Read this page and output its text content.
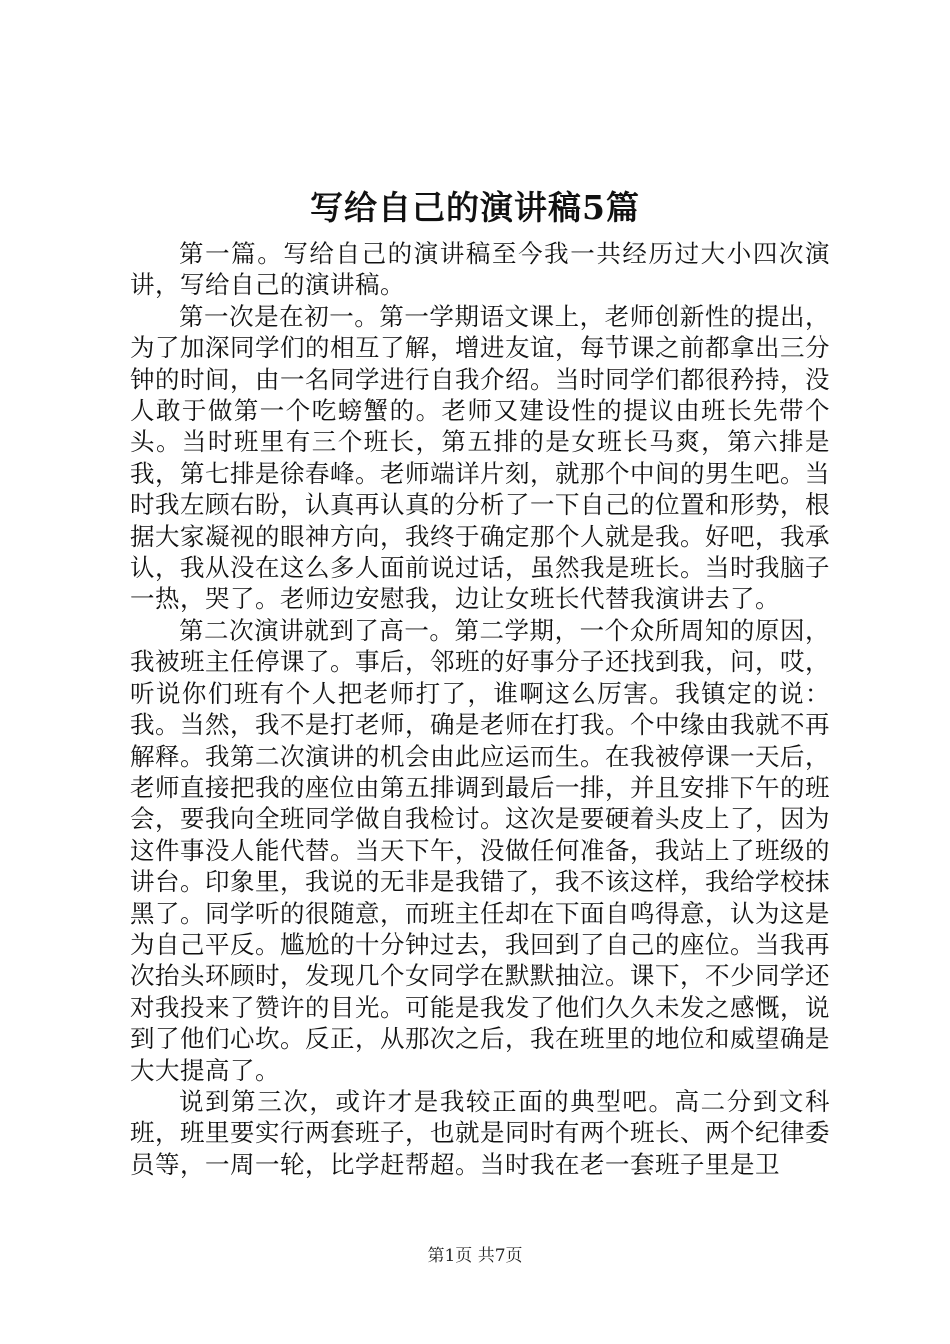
写给自己的演讲稿5篇

第一篇。写给自己的演讲稿至今我一共经历过大小四次演讲，写给自己的演讲稿。

第一次是在初一。第一学期语文课上，老师创新性的提出，为了加深同学们的相互了解，增进友谊，每节课之前都拿出三分钟的时间，由一名同学进行自我介绍。当时同学们都很矜持，没人敢于做第一个吃螃蟹的。老师又建设性的提议由班长先带个头。当时班里有三个班长，第五排的是女班长马爽，第六排是我，第七排是徐春峰。老师端详片刻，就那个中间的男生吧。当时我左顾右盼，认真再认真的分析了一下自己的位置和形势，根据大家凝视的眼神方向，我终于确定那个人就是我。好吧，我承认，我从没在这么多人面前说过话，虽然我是班长。当时我脑子一热，哭了。老师边安慰我，边让女班长代替我演讲去了。

第二次演讲就到了高一。第二学期，一个众所周知的原因，我被班主任停课了。事后，邻班的好事分子还找到我，问，哎，听说你们班有个人把老师打了，谁啊这么厉害。我镇定的说：我。当然，我不是打老师，确是老师在打我。个中缘由我就不再解释。我第二次演讲的机会由此应运而生。在我被停课一天后，老师直接把我的座位由第五排调到最后一排，并且安排下午的班会，要我向全班同学做自我检讨。这次是要硬着头皮上了，因为这件事没人能代替。当天下午，没做任何准备，我站上了班级的讲台。印象里，我说的无非是我错了，我不该这样，我给学校抹黑了。同学听的很随意，而班主任却在下面自鸣得意，认为这是为自己平反。尴尬的十分钟过去，我回到了自己的座位。当我再次抬头环顾时，发现几个女同学在默默抽泣。课下，不少同学还对我投来了赞许的目光。可能是我发了他们久久未发之感慨，说到了他们心坎。反正，从那次之后，我在班里的地位和威望确是大大提高了。

说到第三次，或许才是我较正面的典型吧。高二分到文科班，班里要实行两套班子，也就是同时有两个班长、两个纪律委员等，一周一轮，比学赶帮超。当时我在老一套班子里是卫

第1页 共7页
